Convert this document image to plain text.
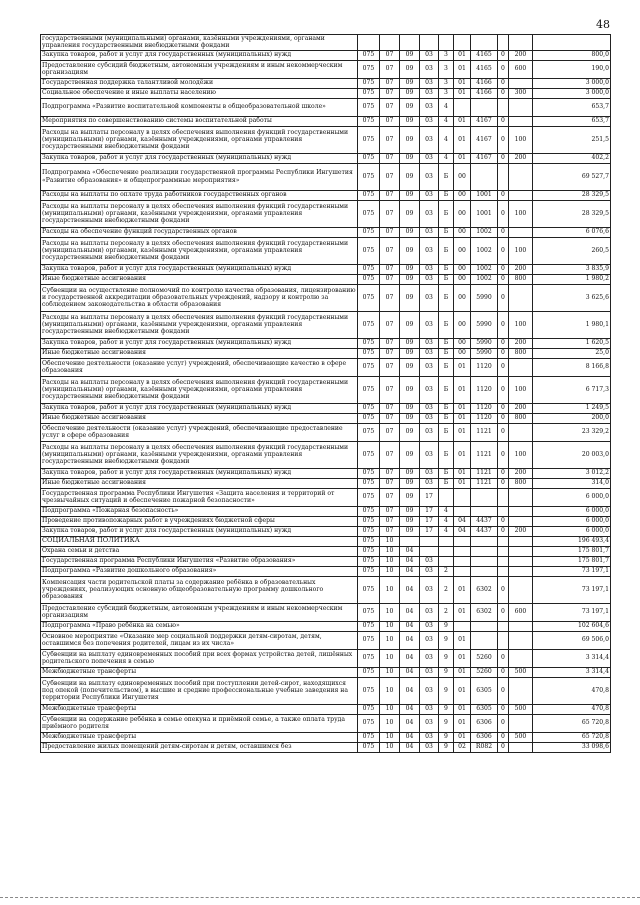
48
государственными (муниципальными) органами, казёнными учреждениями, органами управления государственными внебюджетными фондами										
Закупка товаров, работ и услуг для государственных (муниципальных) нужд	075	07	09	03	3	01	4165	0	200	800,0
Предоставление субсидий бюджетным, автономным учреждениям и иным некоммерческим организациям	075	07	09	03	3	01	4165	0	600	190,0
Государственная поддержка талантливой молодёжи	075	07	09	03	3	01	4166	0		3 000,0
Социальное обеспечение и иные выплаты населению	075	07	09	03	3	01	4166	0	300	3 000,0
Подпрограмма «Развитие воспитательной компоненты в общеобразовательной школе»	075	07	09	03	4					653,7
Мероприятия по совершенствованию системы воспитательной работы	075	07	09	03	4	01	4167	0		653,7
Расходы на выплаты персоналу в целях обеспечения выполнения функций государственными (муниципальными) органами, казёнными учреждениями, органами управления государственными внебюджетными фондами	075	07	09	03	4	01	4167	0	100	251,5
Закупка товаров, работ и услуг для государственных (муниципальных) нужд	075	07	09	03	4	01	4167	0	200	402,2
Подпрограмма «Обеспечение реализации государственной программы Республики Ингушетия «Развитие образования» и общепрограммные мероприятия»	075	07	09	03	Б	00				69 527,7
Расходы на выплаты по оплате труда работников государственных органов	075	07	09	03	Б	00	1001	0		28 329,5
Расходы на выплаты персоналу в целях обеспечения выполнения функций государственными (муниципальными) органами, казёнными учреждениями, органами управления государственными внебюджетными фондами	075	07	09	03	Б	00	1001	0	100	28 329,5
Расходы на обеспечение функций государственных органов	075	07	09	03	Б	00	1002	0		6 076,6
Расходы на выплаты персоналу в целях обеспечения выполнения функций государственными (муниципальными) органами, казёнными учреждениями, органами управления государственными внебюджетными фондами	075	07	09	03	Б	00	1002	0	100	260,5
Закупка товаров, работ и услуг для государственных (муниципальных) нужд	075	07	09	03	Б	00	1002	0	200	3 835,9
Иные бюджетные ассигнования	075	07	09	03	Б	00	1002	0	800	1 980,2
Субвенции на осуществление полномочий по контролю качества образования, лицензированию и государственной аккредитации образовательных учреждений, надзору и контролю за соблюдением законодательства в области образования	075	07	09	03	Б	00	5990	0		3 625,6
Расходы на выплаты персоналу в целях обеспечения выполнения функций государственными (муниципальными) органами, казёнными учреждениями, органами управления государственными внебюджетными фондами	075	07	09	03	Б	00	5990	0	100	1 980,1
Закупка товаров, работ и услуг для государственных (муниципальных) нужд	075	07	09	03	Б	00	5990	0	200	1 620,5
Иные бюджетные ассигнования	075	07	09	03	Б	00	5990	0	800	25,0
Обеспечение деятельности (оказание услуг) учреждений, обеспечивающие качество в сфере образования	075	07	09	03	Б	01	1120	0		8 166,8
Расходы на выплаты персоналу в целях обеспечения выполнения функций государственными (муниципальными) органами, казёнными учреждениями, органами управления государственными внебюджетными фондами	075	07	09	03	Б	01	1120	0	100	6 717,3
Закупка товаров, работ и услуг для государственных (муниципальных) нужд	075	07	09	03	Б	01	1120	0	200	1 249,5
Иные бюджетные ассигнования	075	07	09	03	Б	01	1120	0	800	200,0
Обеспечение деятельности (оказание услуг) учреждений, обеспечивающие предоставление услуг в сфере образования	075	07	09	03	Б	01	1121	0		23 329,2
Расходы на выплаты персоналу в целях обеспечения выполнения функций государственными (муниципальными) органами, казёнными учреждениями, органами управления государственными внебюджетными фондами	075	07	09	03	Б	01	1121	0	100	20 003,0
Закупка товаров, работ и услуг для государственных (муниципальных) нужд	075	07	09	03	Б	01	1121	0	200	3 012,2
Иные бюджетные ассигнования	075	07	09	03	Б	01	1121	0	800	314,0
Государственная программа Республики Ингушетия «Защита населения и территорий от чрезвычайных ситуаций и обеспечение пожарной безопасности»	075	07	09	17						6 000,0
Подпрограмма «Пожарная безопасность»	075	07	09	17	4					6 000,0
Проведение противопожарных работ в учреждениях бюджетной сферы	075	07	09	17	4	04	4437	0		6 000,0
Закупка товаров, работ и услуг для государственных (муниципальных) нужд	075	07	09	17	4	04	4437	0	200	6 000,0
СОЦИАЛЬНАЯ ПОЛИТИКА	075	10								196 493,4
Охрана семьи и детства	075	10	04							175 801,7
Государственная программа Республики Ингушетия «Развитие образования»	075	10	04	03						175 801,7
Подпрограмма «Развитие дошкольного образования»	075	10	04	03	2					73 197,1
Компенсация части родительской платы за содержание ребёнка в образовательных учреждениях, реализующих основную общеобразовательную программу дошкольного образования	075	10	04	03	2	01	6302	0		73 197,1
Предоставление субсидий бюджетным, автономным учреждениям и иным некоммерческим организациям	075	10	04	03	2	01	6302	0	600	73 197,1
Подпрограмма «Право ребёнка на семью»	075	10	04	03	9					102 604,6
Основное мероприятие «Оказание мер социальной поддержки детям-сиротам, детям, оставшимся без попечения родителей, лицам из их числа»	075	10	04	03	9	01				69 506,0
Субвенции на выплату единовременных пособий при всех формах устройства детей, лишённых родительского попечения в семью	075	10	04	03	9	01	5260	0		3 314,4
Межбюджетные трансферты	075	10	04	03	9	01	5260	0	500	3 314,4
Субвенции на выплату единовременных пособий при поступлении детей-сирот, находящихся под опекой (попечительством), в высшие и средние профессиональные учебные заведения на территории Республики Ингушетия	075	10	04	03	9	01	6305	0		470,8
Межбюджетные трансферты	075	10	04	03	9	01	6305	0	500	470,8
Субвенции на содержание ребёнка в семье опекуна и приёмной семье, а также оплата труда приёмного родителя	075	10	04	03	9	01	6306	0		65 720,8
Межбюджетные трансферты	075	10	04	03	9	01	6306	0	500	65 720,8
Предоставление жилых помещений детям-сиротам и детям, оставшимся без	075	10	04	03	9	02	R082	0		33 098,6
